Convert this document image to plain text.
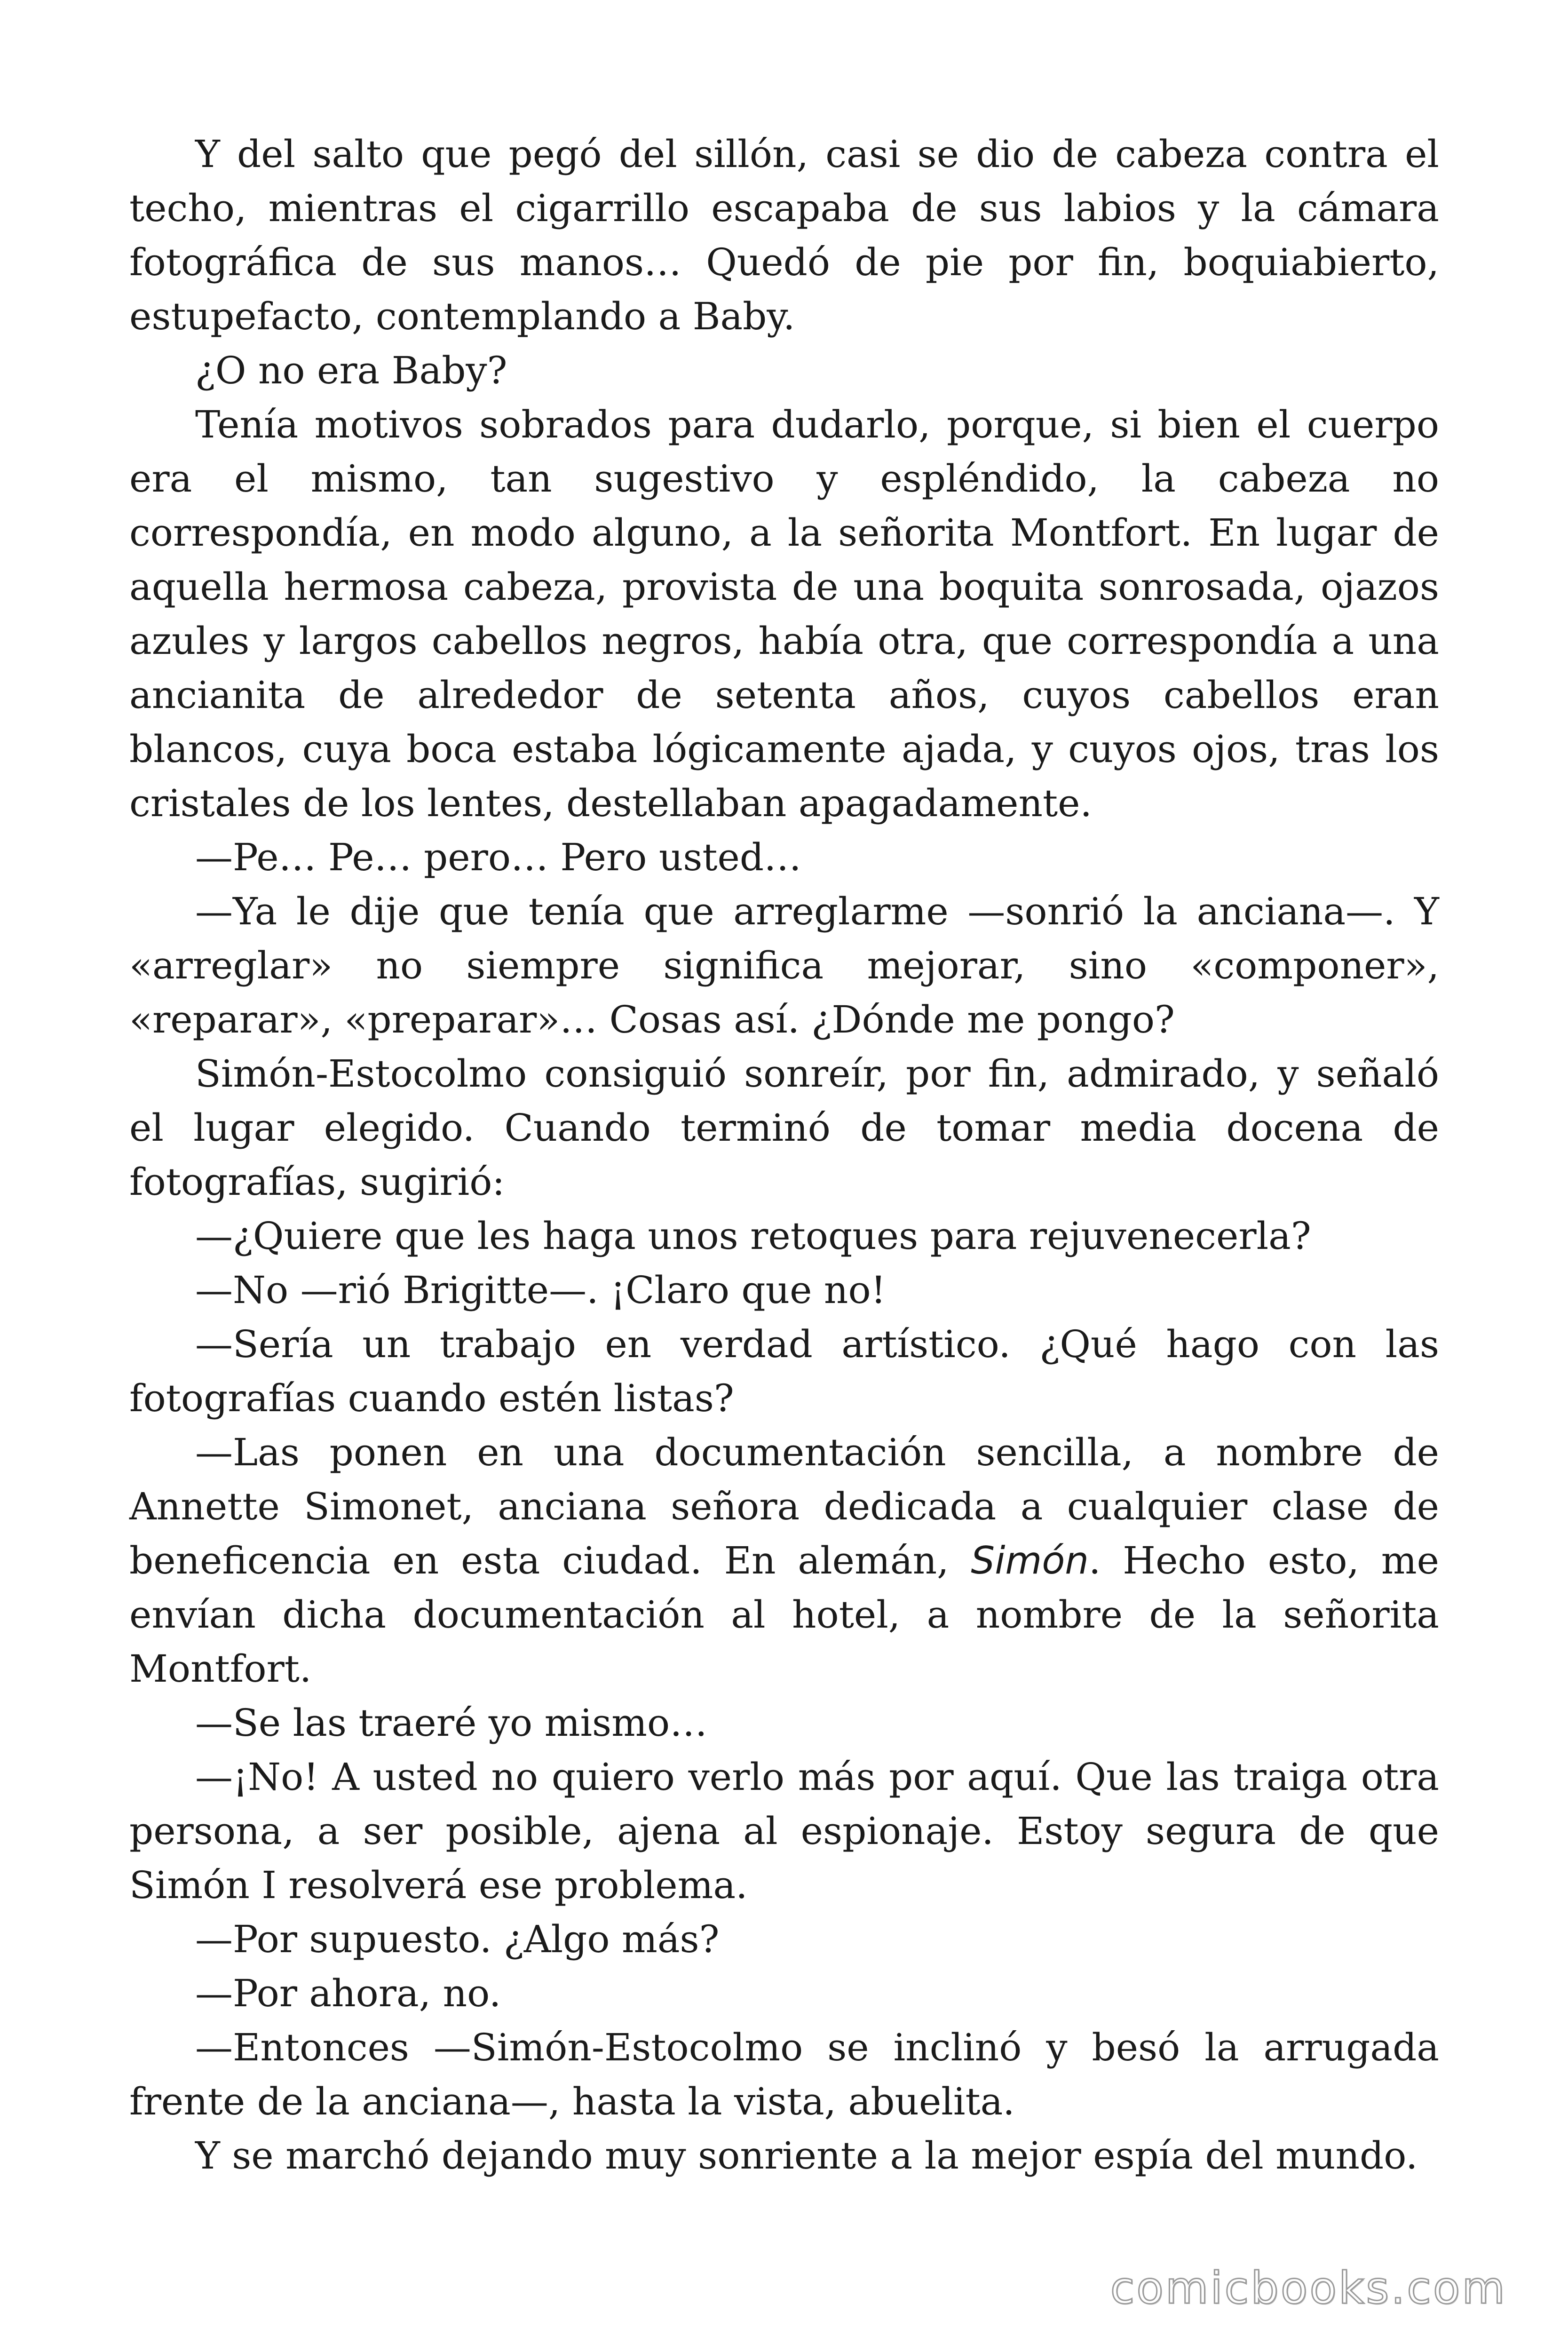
Y del salto que pegó del sillón, casi se dio de cabeza contra el techo, mientras el cigarrillo escapaba de sus labios y la cámara fotográfica de sus manos… Quedó de pie por fin, boquiabierto, estupefacto, contemplando a Baby.

¿O no era Baby?

Tenía motivos sobrados para dudarlo, porque, si bien el cuerpo era el mismo, tan sugestivo y espléndido, la cabeza no correspondía, en modo alguno, a la señorita Montfort. En lugar de aquella hermosa cabeza, provista de una boquita sonrosada, ojazos azules y largos cabellos negros, había otra, que correspondía a una ancianita de alrededor de setenta años, cuyos cabellos eran blancos, cuya boca estaba lógicamente ajada, y cuyos ojos, tras los cristales de los lentes, destellaban apagadamente.

—Pe… Pe… pero… Pero usted…

—Ya le dije que tenía que arreglarme —sonrió la anciana—. Y «arreglar» no siempre significa mejorar, sino «componer», «reparar», «preparar»… Cosas así. ¿Dónde me pongo?

Simón-Estocolmo consiguió sonreír, por fin, admirado, y señaló el lugar elegido. Cuando terminó de tomar media docena de fotografías, sugirió:

—¿Quiere que les haga unos retoques para rejuvenecerla?

—No —rió Brigitte—. ¡Claro que no!

—Sería un trabajo en verdad artístico. ¿Qué hago con las fotografías cuando estén listas?

—Las ponen en una documentación sencilla, a nombre de Annette Simonet, anciana señora dedicada a cualquier clase de beneficencia en esta ciudad. En alemán, Simón. Hecho esto, me envían dicha documentación al hotel, a nombre de la señorita Montfort.

—Se las traeré yo mismo…

—¡No! A usted no quiero verlo más por aquí. Que las traiga otra persona, a ser posible, ajena al espionaje. Estoy segura de que Simón I resolverá ese problema.

—Por supuesto. ¿Algo más?

—Por ahora, no.

—Entonces —Simón-Estocolmo se inclinó y besó la arrugada frente de la anciana—, hasta la vista, abuelita.

Y se marchó dejando muy sonriente a la mejor espía del mundo.

comicbooks.com
